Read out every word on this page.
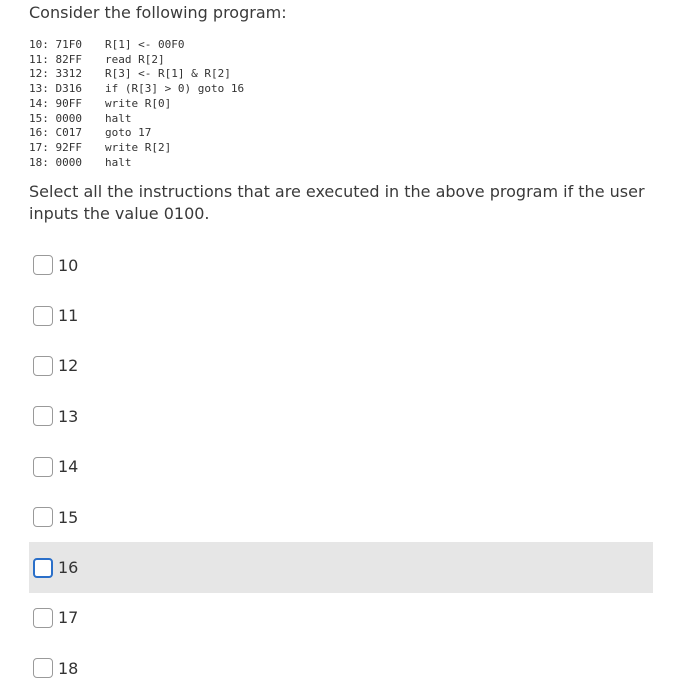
Consider the following program:
10: 71F0	R[1] <- 00F0
11: 82FF	read R[2]
12: 3312	R[3] <- R[1] & R[2]
13: D316	if (R[3] > 0) goto 16
14: 90FF	write R[0]
15: 0000	halt
16: C017	goto 17
17: 92FF	write R[2]
18: 0000	halt
Select all the instructions that are executed in the above program if the user inputs the value 0100.
10
11
12
13
14
15
16
17
18
